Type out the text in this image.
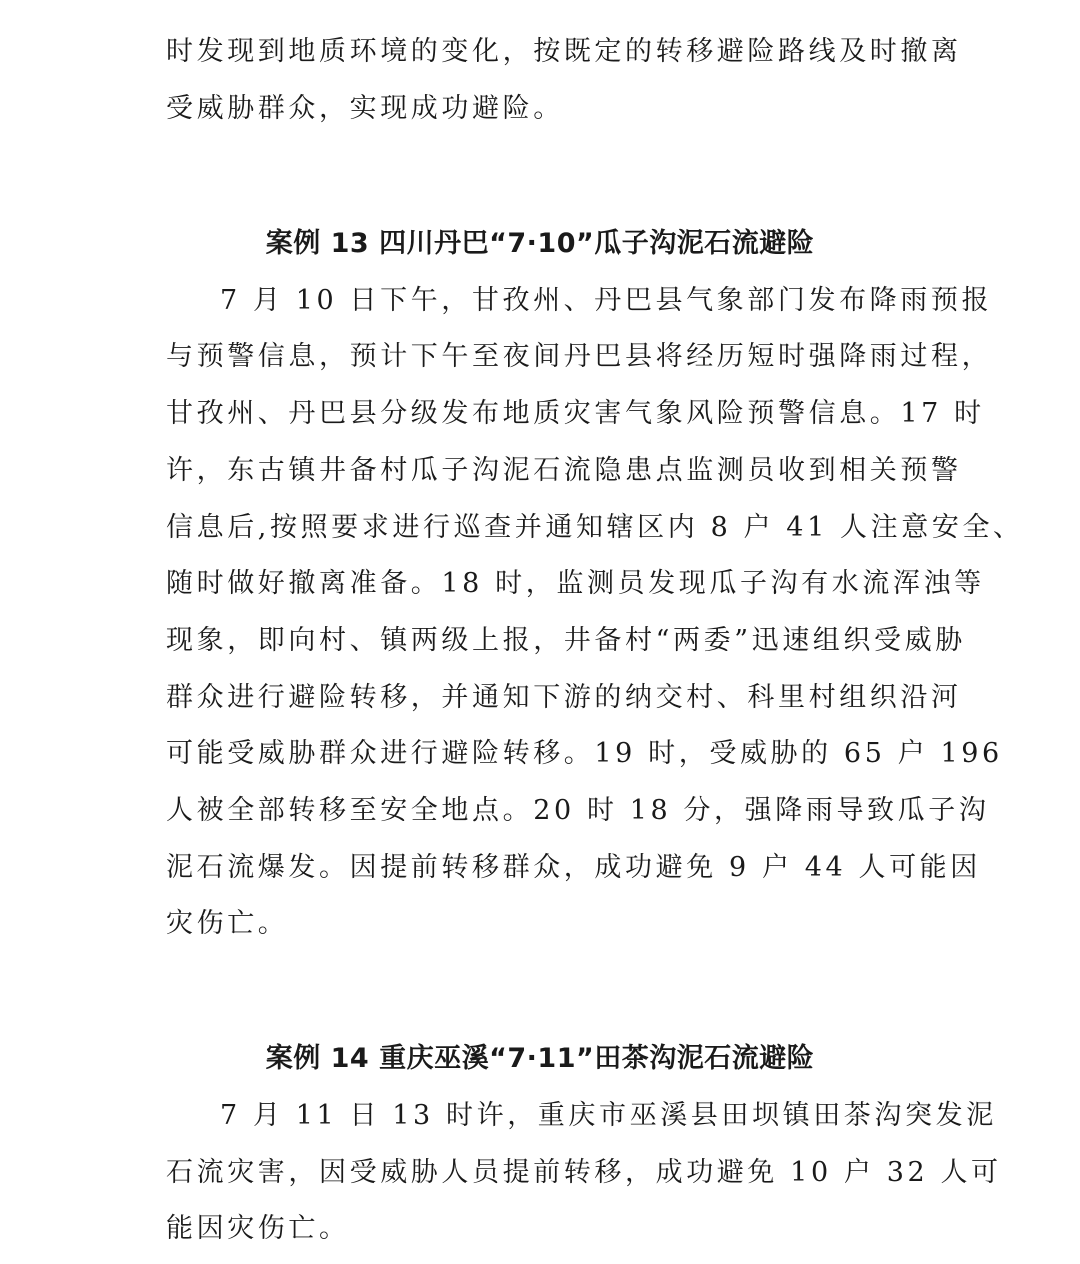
时发现到地质环境的变化，按既定的转移避险路线及时撤离
受威胁群众，实现成功避险。
案例 13 四川丹巴“7·10”瓜子沟泥石流避险
7 月 10 日下午，甘孜州、丹巴县气象部门发布降雨预报
与预警信息，预计下午至夜间丹巴县将经历短时强降雨过程，
甘孜州、丹巴县分级发布地质灾害气象风险预警信息。17 时
许，东古镇井备村瓜子沟泥石流隐患点监测员收到相关预警
信息后,按照要求进行巡查并通知辖区内 8 户 41 人注意安全、
随时做好撤离准备。18 时，监测员发现瓜子沟有水流浑浊等
现象，即向村、镇两级上报，井备村“两委”迅速组织受威胁
群众进行避险转移，并通知下游的纳交村、科里村组织沿河
可能受威胁群众进行避险转移。19 时，受威胁的 65 户 196
人被全部转移至安全地点。20 时 18 分，强降雨导致瓜子沟
泥石流爆发。因提前转移群众，成功避免 9 户 44 人可能因
灾伤亡。
案例 14 重庆巫溪“7·11”田茶沟泥石流避险
7 月 11 日 13 时许，重庆市巫溪县田坝镇田茶沟突发泥
石流灾害，因受威胁人员提前转移，成功避免 10 户 32 人可
能因灾伤亡。
